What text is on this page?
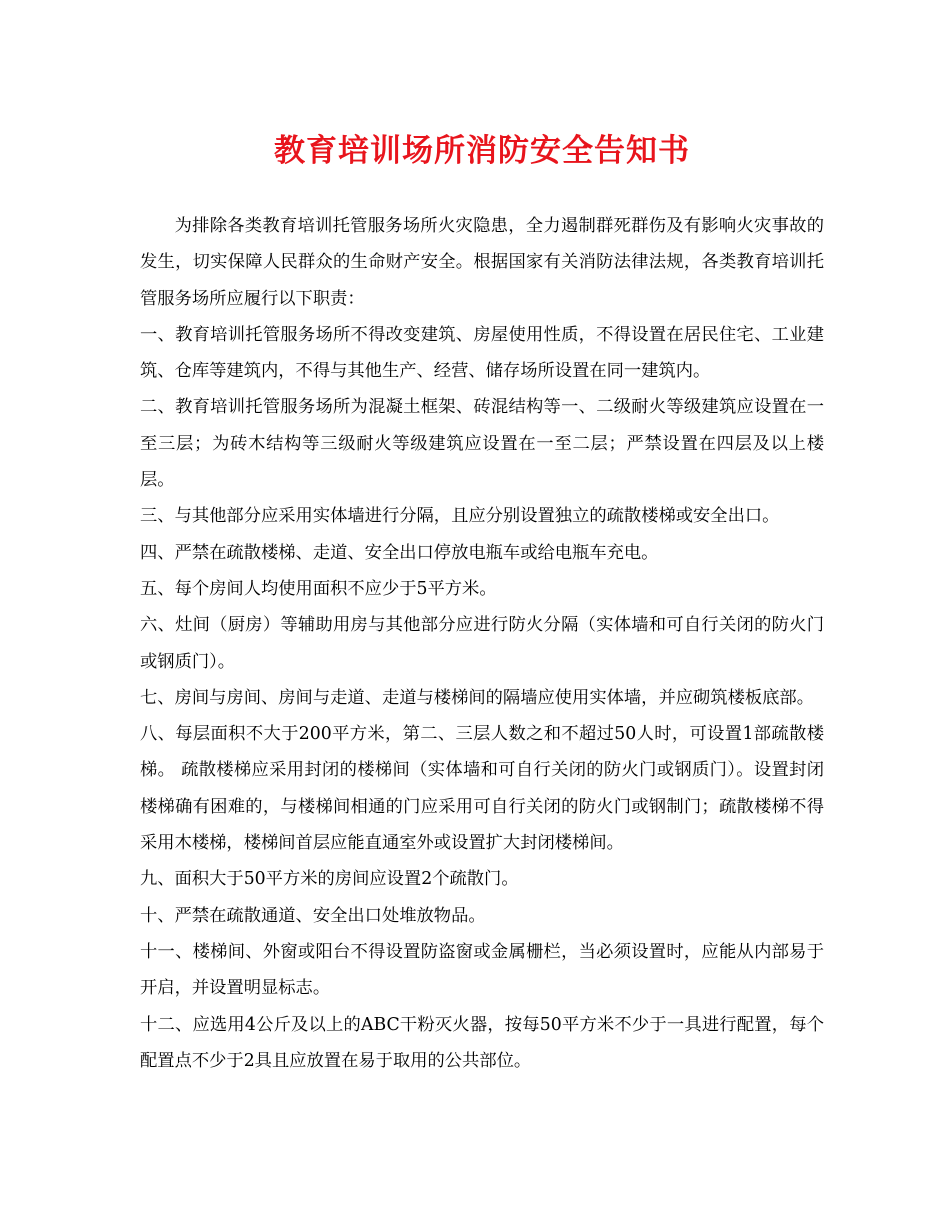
教育培训场所消防安全告知书

为排除各类教育培训托管服务场所火灾隐患，全力遏制群死群伤及有影响火灾事故的发生，切实保障人民群众的生命财产安全。根据国家有关消防法律法规，各类教育培训托管服务场所应履行以下职责：

一、教育培训托管服务场所不得改变建筑、房屋使用性质，不得设置在居民住宅、工业建筑、仓库等建筑内，不得与其他生产、经营、储存场所设置在同一建筑内。

二、教育培训托管服务场所为混凝土框架、砖混结构等一、二级耐火等级建筑应设置在一至三层；为砖木结构等三级耐火等级建筑应设置在一至二层；严禁设置在四层及以上楼层。

三、与其他部分应采用实体墙进行分隔，且应分别设置独立的疏散楼梯或安全出口。

四、严禁在疏散楼梯、走道、安全出口停放电瓶车或给电瓶车充电。

五、每个房间人均使用面积不应少于5平方米。

六、灶间（厨房）等辅助用房与其他部分应进行防火分隔（实体墙和可自行关闭的防火门或钢质门）。

七、房间与房间、房间与走道、走道与楼梯间的隔墙应使用实体墙，并应砌筑楼板底部。

八、每层面积不大于200平方米，第二、三层人数之和不超过50人时，可设置1部疏散楼梯。 疏散楼梯应采用封闭的楼梯间（实体墙和可自行关闭的防火门或钢质门）。设置封闭楼梯确有困难的，与楼梯间相通的门应采用可自行关闭的防火门或钢制门；疏散楼梯不得采用木楼梯，楼梯间首层应能直通室外或设置扩大封闭楼梯间。

九、面积大于50平方米的房间应设置2个疏散门。

十、严禁在疏散通道、安全出口处堆放物品。

十一、楼梯间、外窗或阳台不得设置防盗窗或金属栅栏，当必须设置时，应能从内部易于开启，并设置明显标志。

十二、应选用4公斤及以上的ABC干粉灭火器，按每50平方米不少于一具进行配置，每个配置点不少于2具且应放置在易于取用的公共部位。
